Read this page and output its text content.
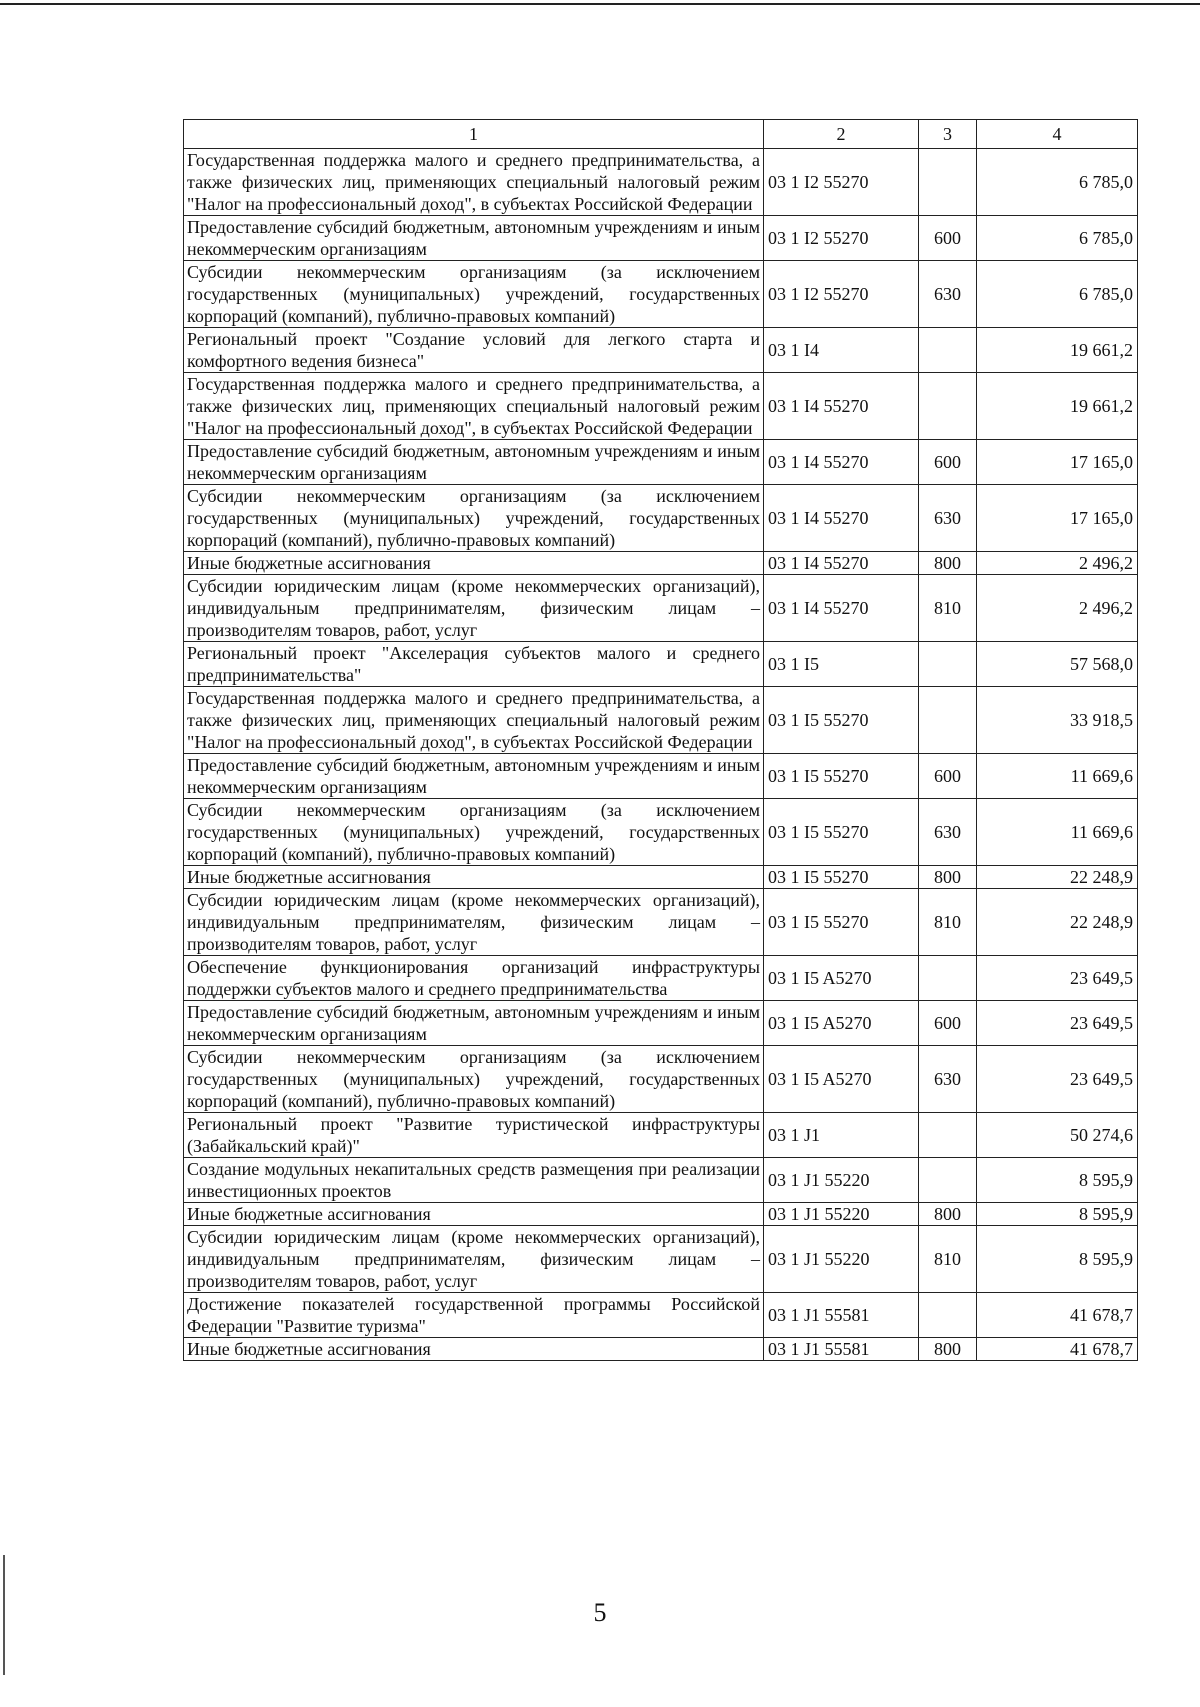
1	2	3	4
Государственная поддержка малого и среднего предпринимательства, а также физических лиц, применяющих специальный налоговый режим "Налог на профессиональный доход", в субъектах Российской Федерации	03 1 I2 55270		6 785,0
Предоставление субсидий бюджетным, автономным учреждениям и иным некоммерческим организациям	03 1 I2 55270	600	6 785,0
Субсидии некоммерческим организациям (за исключением государственных (муниципальных) учреждений, государственных корпораций (компаний), публично-правовых компаний)	03 1 I2 55270	630	6 785,0
Региональный проект "Создание условий для легкого старта и комфортного ведения бизнеса"	03 1 I4		19 661,2
Государственная поддержка малого и среднего предпринимательства, а также физических лиц, применяющих специальный налоговый режим "Налог на профессиональный доход", в субъектах Российской Федерации	03 1 I4 55270		19 661,2
Предоставление субсидий бюджетным, автономным учреждениям и иным некоммерческим организациям	03 1 I4 55270	600	17 165,0
Субсидии некоммерческим организациям (за исключением государственных (муниципальных) учреждений, государственных корпораций (компаний), публично-правовых компаний)	03 1 I4 55270	630	17 165,0
Иные бюджетные ассигнования	03 1 I4 55270	800	2 496,2
Субсидии юридическим лицам (кроме некоммерческих организаций), индивидуальным предпринимателям, физическим лицам – производителям товаров, работ, услуг	03 1 I4 55270	810	2 496,2
Региональный проект "Акселерация субъектов малого и среднего предпринимательства"	03 1 I5		57 568,0
Государственная поддержка малого и среднего предпринимательства, а также физических лиц, применяющих специальный налоговый режим "Налог на профессиональный доход", в субъектах Российской Федерации	03 1 I5 55270		33 918,5
Предоставление субсидий бюджетным, автономным учреждениям и иным некоммерческим организациям	03 1 I5 55270	600	11 669,6
Субсидии некоммерческим организациям (за исключением государственных (муниципальных) учреждений, государственных корпораций (компаний), публично-правовых компаний)	03 1 I5 55270	630	11 669,6
Иные бюджетные ассигнования	03 1 I5 55270	800	22 248,9
Субсидии юридическим лицам (кроме некоммерческих организаций), индивидуальным предпринимателям, физическим лицам – производителям товаров, работ, услуг	03 1 I5 55270	810	22 248,9
Обеспечение функционирования организаций инфраструктуры поддержки субъектов малого и среднего предпринимательства	03 1 I5 A5270		23 649,5
Предоставление субсидий бюджетным, автономным учреждениям и иным некоммерческим организациям	03 1 I5 A5270	600	23 649,5
Субсидии некоммерческим организациям (за исключением государственных (муниципальных) учреждений, государственных корпораций (компаний), публично-правовых компаний)	03 1 I5 A5270	630	23 649,5
Региональный проект "Развитие туристической инфраструктуры (Забайкальский край)"	03 1 J1		50 274,6
Создание модульных некапитальных средств размещения при реализации инвестиционных проектов	03 1 J1 55220		8 595,9
Иные бюджетные ассигнования	03 1 J1 55220	800	8 595,9
Субсидии юридическим лицам (кроме некоммерческих организаций), индивидуальным предпринимателям, физическим лицам – производителям товаров, работ, услуг	03 1 J1 55220	810	8 595,9
Достижение показателей государственной программы Российской Федерации "Развитие туризма"	03 1 J1 55581		41 678,7
Иные бюджетные ассигнования	03 1 J1 55581	800	41 678,7
5
